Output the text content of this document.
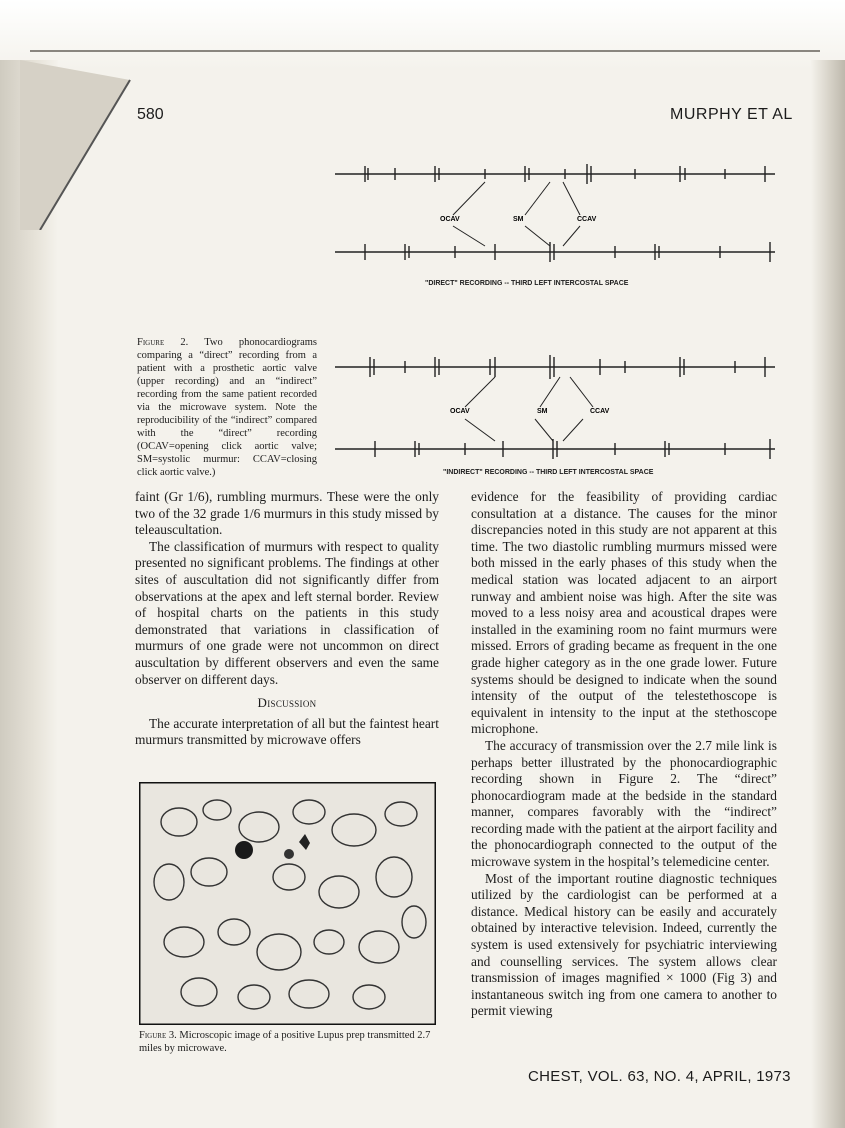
580	MURPHY ET AL
OCAV	SM	CCAV
"DIRECT" RECORDING -- THIRD LEFT INTERCOSTAL SPACE
OCAV	SM	CCAV
"INDIRECT" RECORDING -- THIRD LEFT INTERCOSTAL SPACE
Figure 2. Two phonocardiograms comparing a “direct” recording from a patient with a prosthetic aortic valve (upper recording) and an “indirect” recording from the same patient recorded via the microwave system. Note the reproducibility of the “indirect” compared with the “direct” recording (OCAV=opening click aortic valve; SM=systolic murmur: CCAV=closing click aortic valve.)

faint (Gr 1/6), rumbling murmurs. These were the only two of the 32 grade 1/6 murmurs in this study missed by teleauscultation.

The classification of murmurs with respect to quality presented no significant problems. The findings at other sites of auscultation did not significantly differ from observations at the apex and left sternal border. Review of hospital charts on the patients in this study demonstrated that variations in classification of murmurs of one grade were not uncommon on direct auscultation by different observers and even the same observer on different days.

Discussion

The accurate interpretation of all but the faintest heart murmurs transmitted by microwave offers

Figure 3. Microscopic image of a positive Lupus prep transmitted 2.7 miles by microwave.

evidence for the feasibility of providing cardiac consultation at a distance. The causes for the minor discrepancies noted in this study are not apparent at this time. The two diastolic rumbling murmurs missed were both missed in the early phases of this study when the medical station was located adjacent to an airport runway and ambient noise was high. After the site was moved to a less noisy area and acoustical drapes were installed in the examining room no faint murmurs were missed. Errors of grading became as frequent in the one grade higher category as in the one grade lower. Future systems should be designed to indicate when the sound intensity of the output of the telestethoscope is equivalent in intensity to the input at the stethoscope microphone.

The accuracy of transmission over the 2.7 mile link is perhaps better illustrated by the phonocardiographic recording shown in Figure 2. The “direct” phonocardiogram made at the bedside in the standard manner, compares favorably with the “indirect” recording made with the patient at the airport facility and the phonocardiograph connected to the output of the microwave system in the hospital’s telemedicine center.

Most of the important routine diagnostic techniques utilized by the cardiologist can be performed at a distance. Medical history can be easily and accurately obtained by interactive television. Indeed, currently the system is used extensively for psychiatric interviewing and counselling services. The system allows clear transmission of images magnified × 1000 (Fig 3) and instantaneous switch ing from one camera to another to permit viewing

CHEST, VOL. 63, NO. 4, APRIL, 1973
